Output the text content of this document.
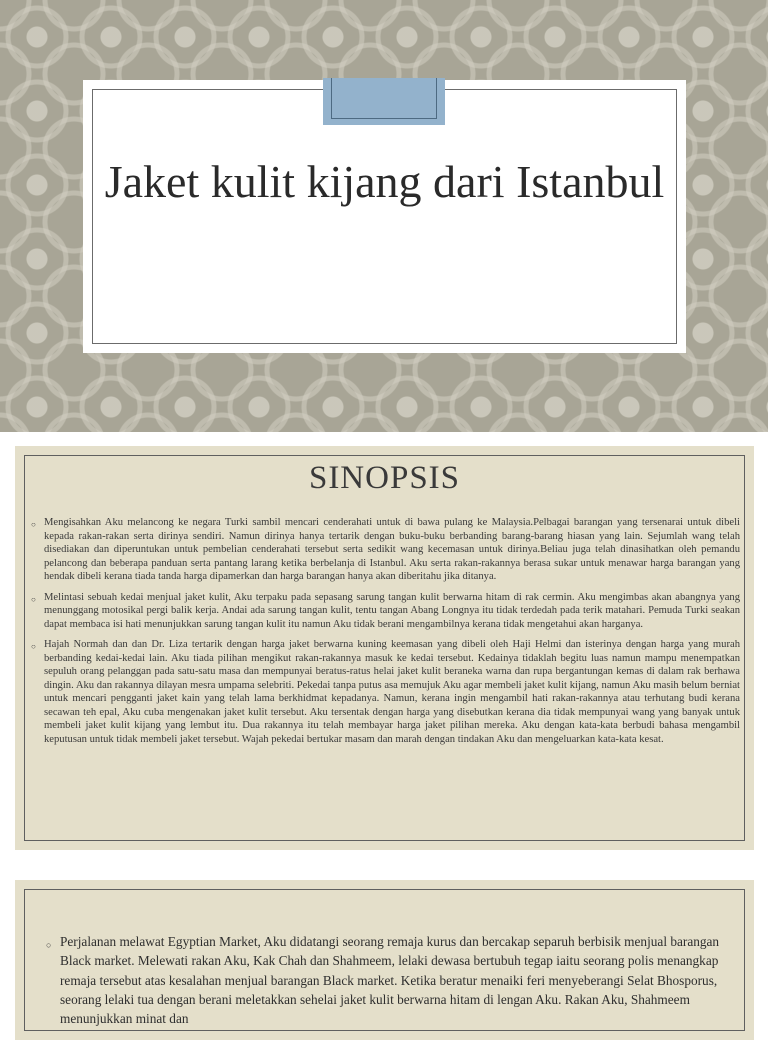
Jaket kulit kijang dari Istanbul
SINOPSIS
○ Mengisahkan Aku melancong ke negara Turki sambil mencari cenderahati untuk di bawa pulang ke Malaysia.Pelbagai barangan yang tersenarai untuk dibeli kepada rakan-rakan serta dirinya sendiri. Namun dirinya hanya tertarik dengan buku-buku berbanding barang-barang hiasan yang lain. Sejumlah wang telah disediakan dan diperuntukan untuk pembelian cenderahati tersebut serta sedikit wang kecemasan untuk dirinya.Beliau juga telah dinasihatkan oleh pemandu pelancong dan beberapa panduan serta pantang larang ketika berbelanja di Istanbul. Aku serta rakan-rakannya berasa sukar untuk menawar harga barangan yang hendak dibeli kerana tiada tanda harga dipamerkan dan harga barangan hanya akan diberitahu jika ditanya.
○ Melintasi sebuah kedai menjual jaket kulit, Aku terpaku pada sepasang sarung tangan kulit berwarna hitam di rak cermin. Aku mengimbas akan abangnya yang menunggang motosikal pergi balik kerja. Andai ada sarung tangan kulit, tentu tangan Abang Longnya itu tidak terdedah pada terik matahari. Pemuda Turki seakan dapat membaca isi hati menunjukkan sarung tangan kulit itu namun Aku tidak berani mengambilnya kerana tidak mengetahui akan harganya.
○ Hajah Normah dan dan Dr. Liza tertarik dengan harga jaket berwarna kuning keemasan yang dibeli oleh Haji Helmi dan isterinya dengan harga yang murah berbanding kedai-kedai lain. Aku tiada pilihan mengikut rakan-rakannya masuk ke kedai tersebut. Kedainya tidaklah begitu luas namun mampu menempatkan sepuluh orang pelanggan pada satu-satu masa dan mempunyai beratus-ratus helai jaket kulit beraneka warna dan rupa bergantungan kemas di dalam rak berhawa dingin. Aku dan rakannya dilayan mesra umpama selebriti. Pekedai tanpa putus asa memujuk Aku agar membeli jaket kulit kijang, namun Aku masih belum berniat untuk mencari pengganti jaket kain yang telah lama berkhidmat kepadanya. Namun, kerana ingin mengambil hati rakan-rakannya atau terhutang budi kerana secawan teh epal, Aku cuba mengenakan jaket kulit tersebut. Aku tersentak dengan harga yang disebutkan kerana dia tidak mempunyai wang yang banyak untuk membeli jaket kulit kijang yang lembut itu. Dua rakannya itu telah membayar harga jaket pilihan mereka. Aku dengan kata-kata berbudi bahasa mengambil keputusan untuk tidak membeli jaket tersebut. Wajah pekedai bertukar masam dan marah dengan tindakan Aku dan mengeluarkan kata-kata kesat.
○ Perjalanan melawat Egyptian Market, Aku didatangi seorang remaja kurus dan bercakap separuh berbisik menjual barangan Black market. Melewati rakan Aku, Kak Chah dan Shahmeem, lelaki dewasa bertubuh tegap iaitu seorang polis menangkap remaja tersebut atas kesalahan menjual barangan Black market. Ketika beratur menaiki feri menyeberangi Selat Bhosporus, seorang lelaki tua dengan berani meletakkan sehelai jaket kulit berwarna hitam di lengan Aku. Rakan Aku, Shahmeem menunjukkan minat dan
